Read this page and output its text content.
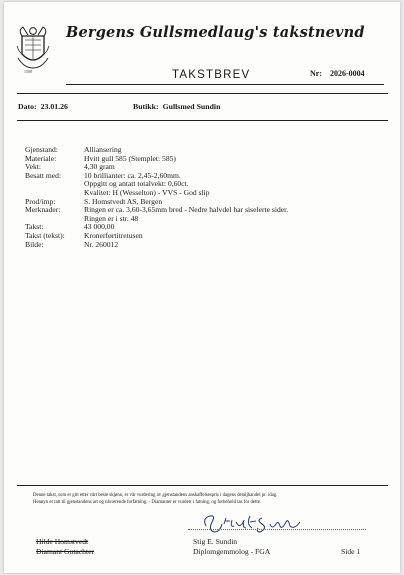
1588
Bergens Gullsmedlaug's takstnevnd
TAKSTBREV	Nr: 2026-0004
Dato: 23.01.26	Butikk: Gullsmed Sundin
Gjenstand:	Alliansering
Materiale:	Hvitt gull 585 (Stemplet: 585)
Vekt:	4,30 gram
Besatt med:	10 brillianter: ca. 2,45-2,60mm.
Oppgitt og antatt totalvekt: 0,60ct.
Kvalitet: H (Wesselton) - VVS - God slip
Prod/imp:	S. Homstvedt AS, Bergen
Merknader:	Ringen er ca. 3,60-3,65mm bred - Nedre halvdel har siselerte sider.
Ringen er i str. 48
Takst:	43 000,00
Takst (tekst):	Kronerførtitretusen
Bilde:	Nr. 260012
Denne takst, som er gitt etter vårt beste skjønn, er vår vurdering av gjenstandens anskaffelsespris i dagens detaljhandel pr. idag.
Henøyn er tatt til gjenstandens art og nåværende forfatning. - Diamanter er vurdert i fatning, og forbehold tas for dette.
Hilde Homstvedt
Diamant Gutachter
Stig E. Sundin
Diplomgemmolog - FGA	Side 1
